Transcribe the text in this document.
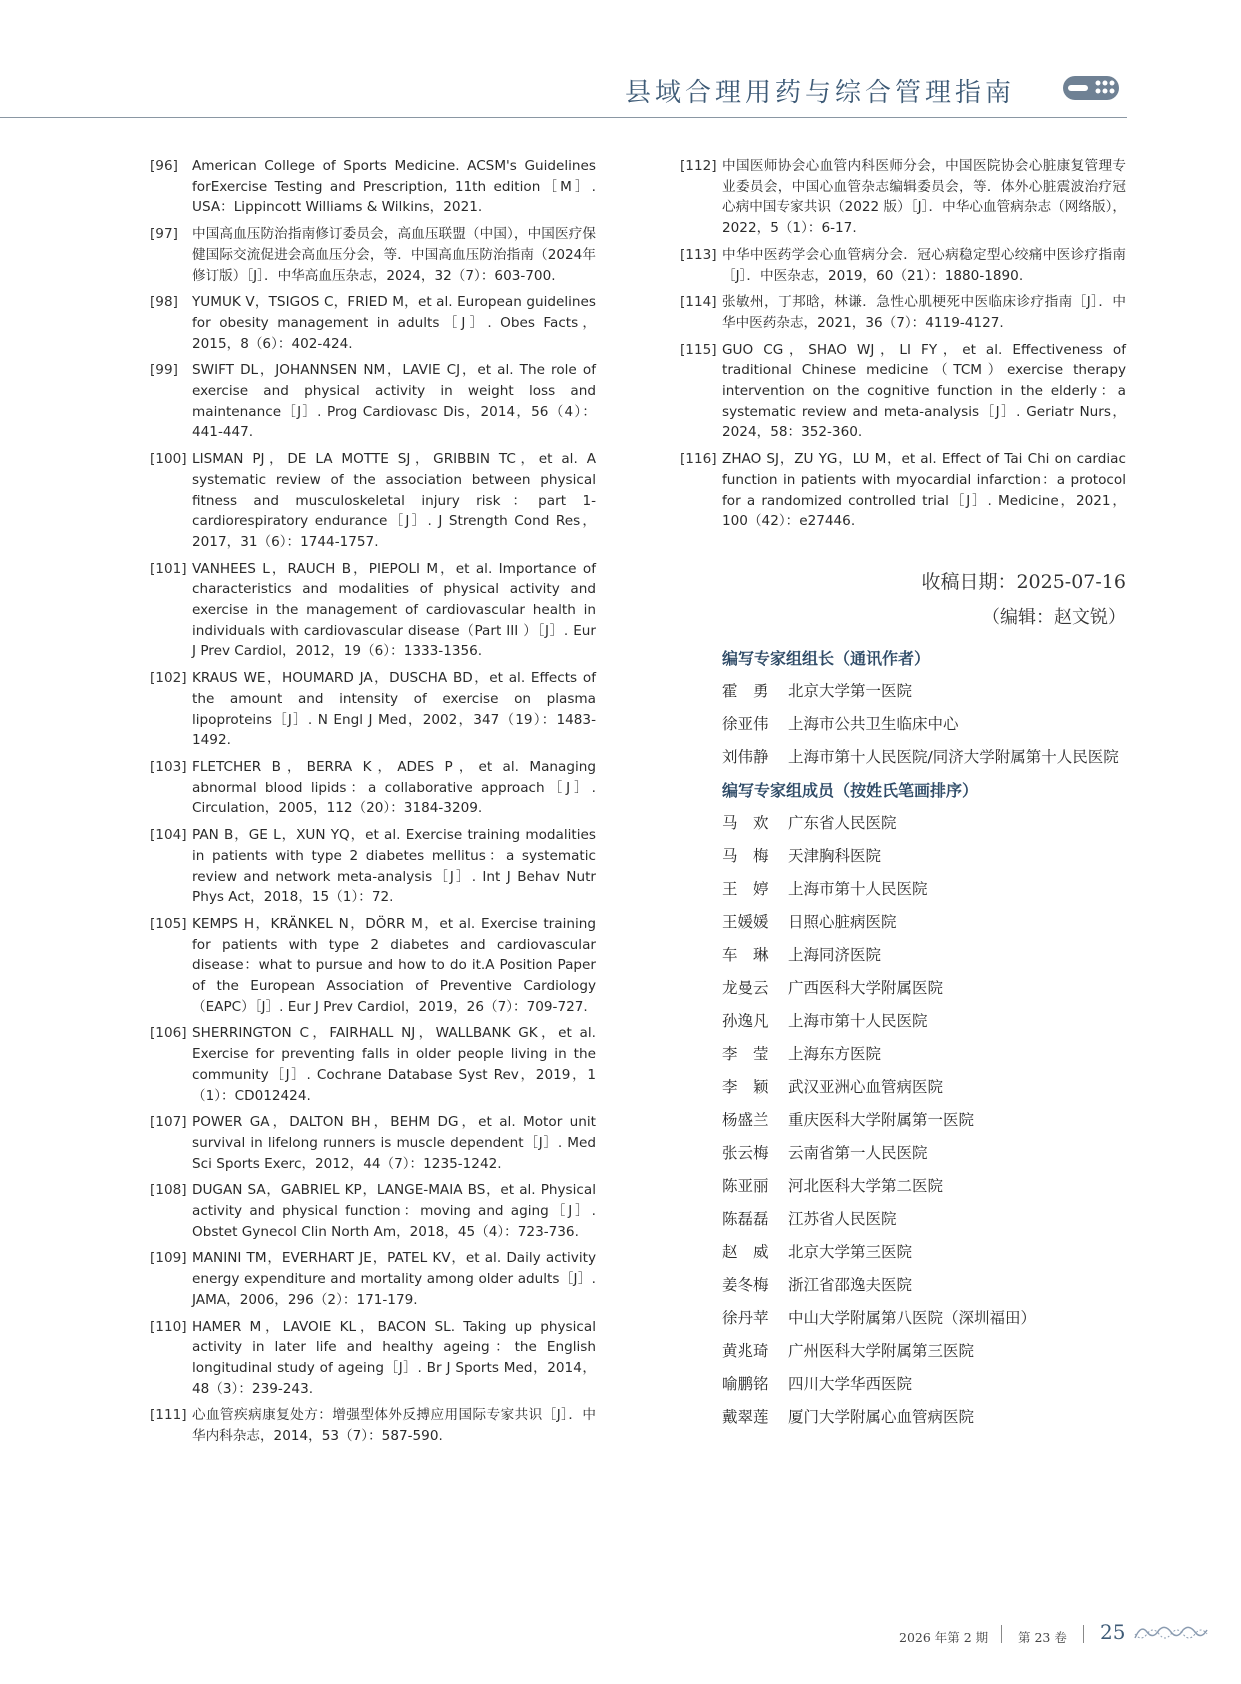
县域合理用药与综合管理指南
[96] American College of Sports Medicine. ACSM's Guidelines forExercise Testing and Prescription, 11th edition［M］. USA：Lippincott Williams & Wilkins，2021.
[97] 中国高血压防治指南修订委员会，高血压联盟（中国），中国医疗保健国际交流促进会高血压分会，等．中国高血压防治指南（2024年修订版）［J］．中华高血压杂志，2024，32（7）：603-700.
[98] YUMUK V，TSIGOS C，FRIED M，et al. European guidelines for obesity management in adults［J］. Obes Facts，2015，8（6）：402-424.
[99] SWIFT DL，JOHANNSEN NM，LAVIE CJ，et al. The role of exercise and physical activity in weight loss and maintenance［J］. Prog Cardiovasc Dis，2014，56（4）：441-447.
[100] LISMAN PJ，DE LA MOTTE SJ，GRIBBIN TC，et al. A systematic review of the association between physical fitness and musculoskeletal injury risk：part 1-cardiorespiratory endurance［J］. J Strength Cond Res，2017，31（6）：1744-1757.
[101] VANHEES L，RAUCH B，PIEPOLI M，et al. Importance of characteristics and modalities of physical activity and exercise in the management of cardiovascular health in individuals with cardiovascular disease（Part III ）［J］. Eur J Prev Cardiol，2012，19（6）：1333-1356.
[102] KRAUS WE，HOUMARD JA，DUSCHA BD，et al. Effects of the amount and intensity of exercise on plasma lipoproteins［J］. N Engl J Med，2002，347（19）：1483-1492.
[103] FLETCHER B，BERRA K，ADES P，et al. Managing abnormal blood lipids：a collaborative approach［J］. Circulation，2005，112（20）：3184-3209.
[104] PAN B，GE L，XUN YQ，et al. Exercise training modalities in patients with type 2 diabetes mellitus：a systematic review and network meta-analysis［J］. Int J Behav Nutr Phys Act，2018，15（1）：72.
[105] KEMPS H，KRÄNKEL N，DÖRR M，et al. Exercise training for patients with type 2 diabetes and cardiovascular disease：what to pursue and how to do it.A Position Paper of the European Association of Preventive Cardiology（EAPC）［J］. Eur J Prev Cardiol，2019，26（7）：709-727.
[106] SHERRINGTON C，FAIRHALL NJ，WALLBANK GK，et al. Exercise for preventing falls in older people living in the community［J］. Cochrane Database Syst Rev，2019，1（1）：CD012424.
[107] POWER GA，DALTON BH，BEHM DG，et al. Motor unit survival in lifelong runners is muscle dependent［J］. Med Sci Sports Exerc，2012，44（7）：1235-1242.
[108] DUGAN SA，GABRIEL KP，LANGE-MAIA BS，et al. Physical activity and physical function：moving and aging［J］. Obstet Gynecol Clin North Am，2018，45（4）：723-736.
[109] MANINI TM，EVERHART JE，PATEL KV，et al. Daily activity energy expenditure and mortality among older adults［J］. JAMA，2006，296（2）：171-179.
[110] HAMER M，LAVOIE KL，BACON SL. Taking up physical activity in later life and healthy ageing：the English longitudinal study of ageing［J］. Br J Sports Med，2014，48（3）：239-243.
[111] 心血管疾病康复处方：增强型体外反搏应用国际专家共识［J］．中华内科杂志，2014，53（7）：587-590.
[112] 中国医师协会心血管内科医师分会，中国医院协会心脏康复管理专业委员会，中国心血管杂志编辑委员会，等．体外心脏震波治疗冠心病中国专家共识（2022 版）［J］．中华心血管病杂志（网络版），2022，5（1）：6-17.
[113] 中华中医药学会心血管病分会．冠心病稳定型心绞痛中医诊疗指南［J］．中医杂志，2019，60（21）：1880-1890.
[114] 张敏州，丁邦晗，林谦．急性心肌梗死中医临床诊疗指南［J］．中华中医药杂志，2021，36（7）：4119-4127.
[115] GUO CG，SHAO WJ，LI FY，et al. Effectiveness of traditional Chinese medicine（TCM）exercise therapy intervention on the cognitive function in the elderly：a systematic review and meta-analysis［J］. Geriatr Nurs，2024，58：352-360.
[116] ZHAO SJ，ZU YG，LU M，et al. Effect of Tai Chi on cardiac function in patients with myocardial infarction：a protocol for a randomized controlled trial［J］. Medicine，2021，100（42）：e27446.
收稿日期：2025-07-16
（编辑：赵文锐）
编写专家组组长（通讯作者）
霍　勇 北京大学第一医院
徐亚伟 上海市公共卫生临床中心
刘伟静 上海市第十人民医院/同济大学附属第十人民医院
编写专家组成员（按姓氏笔画排序）
马　欢 广东省人民医院
马　梅 天津胸科医院
王　婷 上海市第十人民医院
王媛媛 日照心脏病医院
车　琳 上海同济医院
龙曼云 广西医科大学附属医院
孙逸凡 上海市第十人民医院
李　莹 上海东方医院
李　颖 武汉亚洲心血管病医院
杨盛兰 重庆医科大学附属第一医院
张云梅 云南省第一人民医院
陈亚丽 河北医科大学第二医院
陈磊磊 江苏省人民医院
赵　威 北京大学第三医院
姜冬梅 浙江省邵逸夫医院
徐丹苹 中山大学附属第八医院（深圳福田）
黄兆琦 广州医科大学附属第三医院
喻鹏铭 四川大学华西医院
戴翠莲 厦门大学附属心血管病医院
2026 年第 2 期 第 23 卷 25
